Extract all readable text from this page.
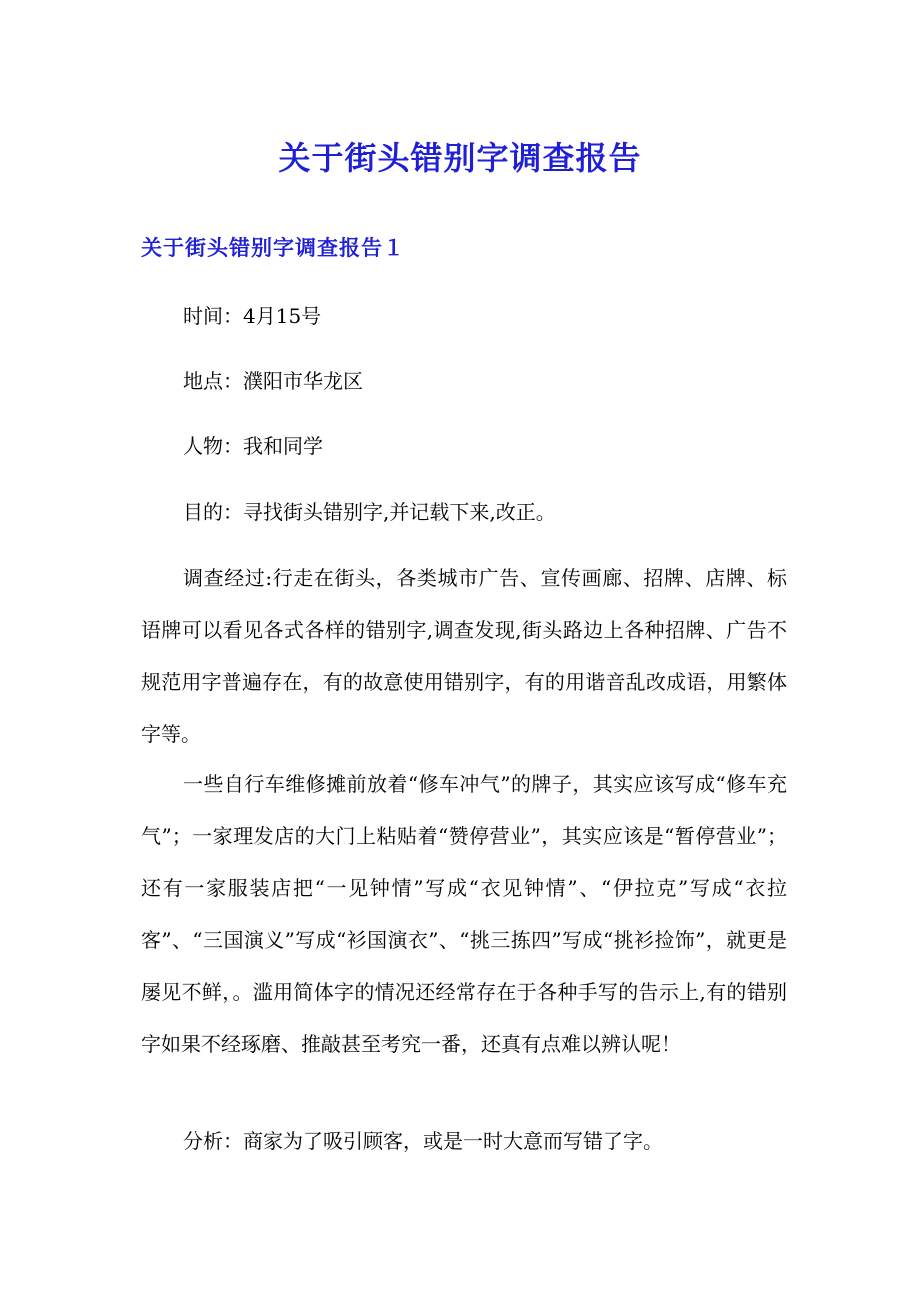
关于街头错别字调查报告
关于街头错别字调查报告１

时间：4月15号

地点：濮阳市华龙区

人物：我和同学

目的：寻找街头错别字,并记载下来,改正。

调查经过:行走在街头，各类城市广告、宣传画廊、招牌、店牌、标语牌可以看见各式各样的错别字,调查发现,街头路边上各种招牌、广告不规范用字普遍存在，有的故意使用错别字，有的用谐音乱改成语，用繁体字等。

一些自行车维修摊前放着“修车冲气”的牌子，其实应该写成“修车充气”；一家理发店的大门上粘贴着“赞停营业”，其实应该是“暂停营业”；还有一家服装店把“一见钟情”写成“衣见钟情”、“伊拉克”写成“衣拉客”、“三国演义”写成“衫国演衣”、“挑三拣四”写成“挑衫捡饰”，就更是屡见不鲜，。滥用简体字的情况还经常存在于各种手写的告示上,有的错别字如果不经琢磨、推敲甚至考究一番，还真有点难以辨认呢！

分析：商家为了吸引顾客，或是一时大意而写错了字。
